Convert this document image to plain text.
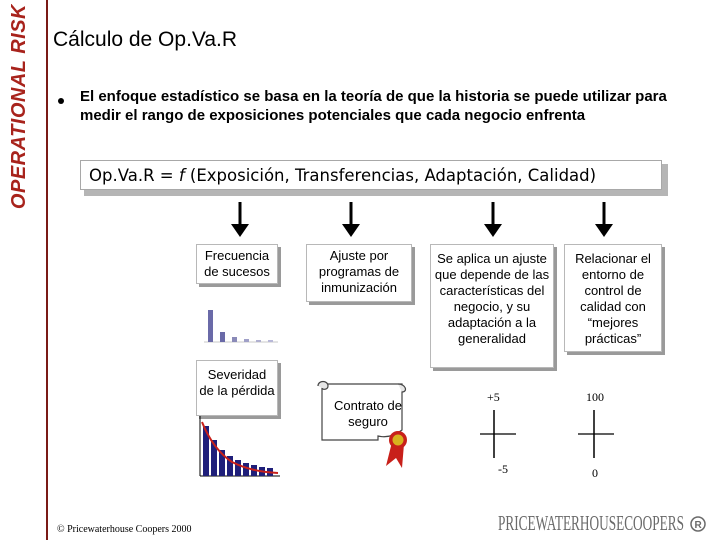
OPERATIONAL RISK Cálculo de Op.Va.R
El enfoque estadístico se basa en la teoría de que la historia se puede utilizar para medir el rango de exposiciones potenciales que cada negocio enfrenta
Op.Va.R = f (Exposición, Transferencias, Adaptación, Calidad)
Frecuencia de sucesos
Ajuste por programas de inmunización
Se aplica un ajuste que depende de las características del negocio, y su adaptación a la generalidad
Relacionar el entorno de control de calidad con “mejores prácticas”
Severidad de la pérdida
Contrato de seguro
+5
-5
100
0
© Pricewaterhouse Coopers 2000	PRICEWATERHOUSECOOPERS R
